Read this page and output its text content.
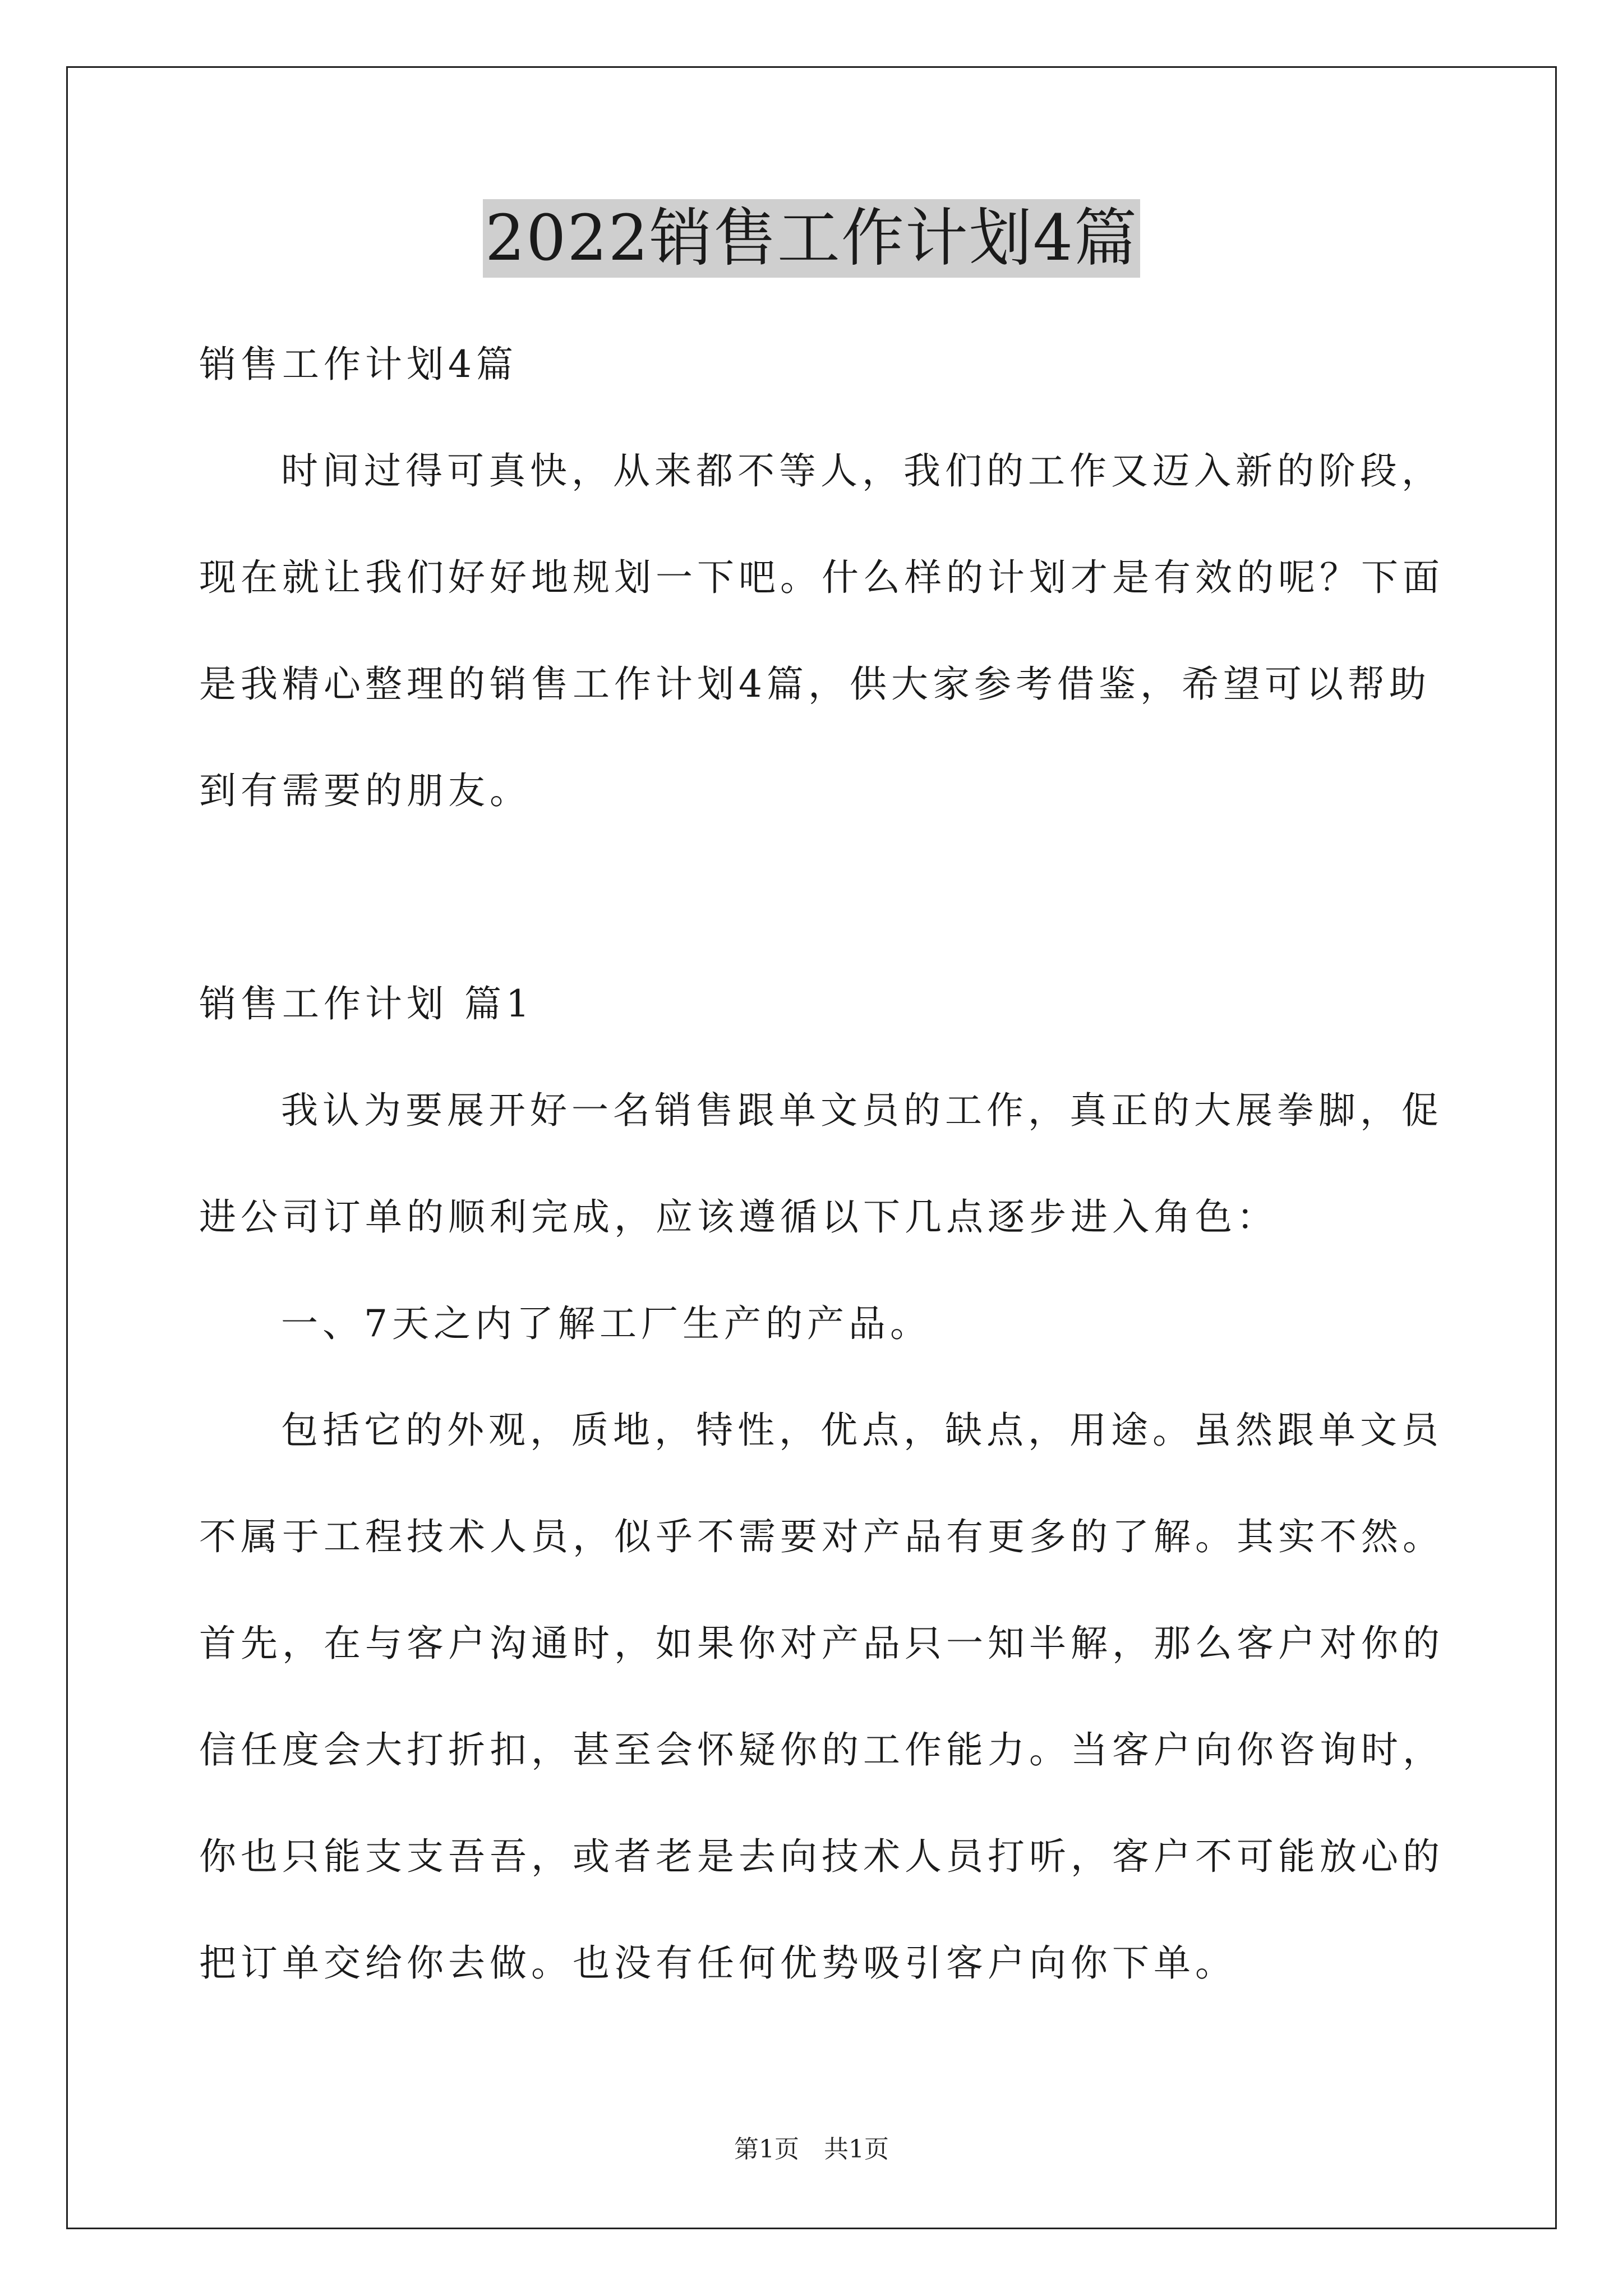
2022销售工作计划4篇
销售工作计划4篇
时间过得可真快，从来都不等人，我们的工作又迈入新的阶段，
现在就让我们好好地规划一下吧。什么样的计划才是有效的呢？下面
是我精心整理的销售工作计划4篇，供大家参考借鉴，希望可以帮助
到有需要的朋友。
销售工作计划 篇1
我认为要展开好一名销售跟单文员的工作，真正的大展拳脚，促
进公司订单的顺利完成，应该遵循以下几点逐步进入角色：
一、7天之内了解工厂生产的产品。
包括它的外观，质地，特性，优点，缺点，用途。虽然跟单文员
不属于工程技术人员，似乎不需要对产品有更多的了解。其实不然。
首先，在与客户沟通时，如果你对产品只一知半解，那么客户对你的
信任度会大打折扣，甚至会怀疑你的工作能力。当客户向你咨询时，
你也只能支支吾吾，或者老是去向技术人员打听，客户不可能放心的
把订单交给你去做。也没有任何优势吸引客户向你下单。
第1页　共1页
